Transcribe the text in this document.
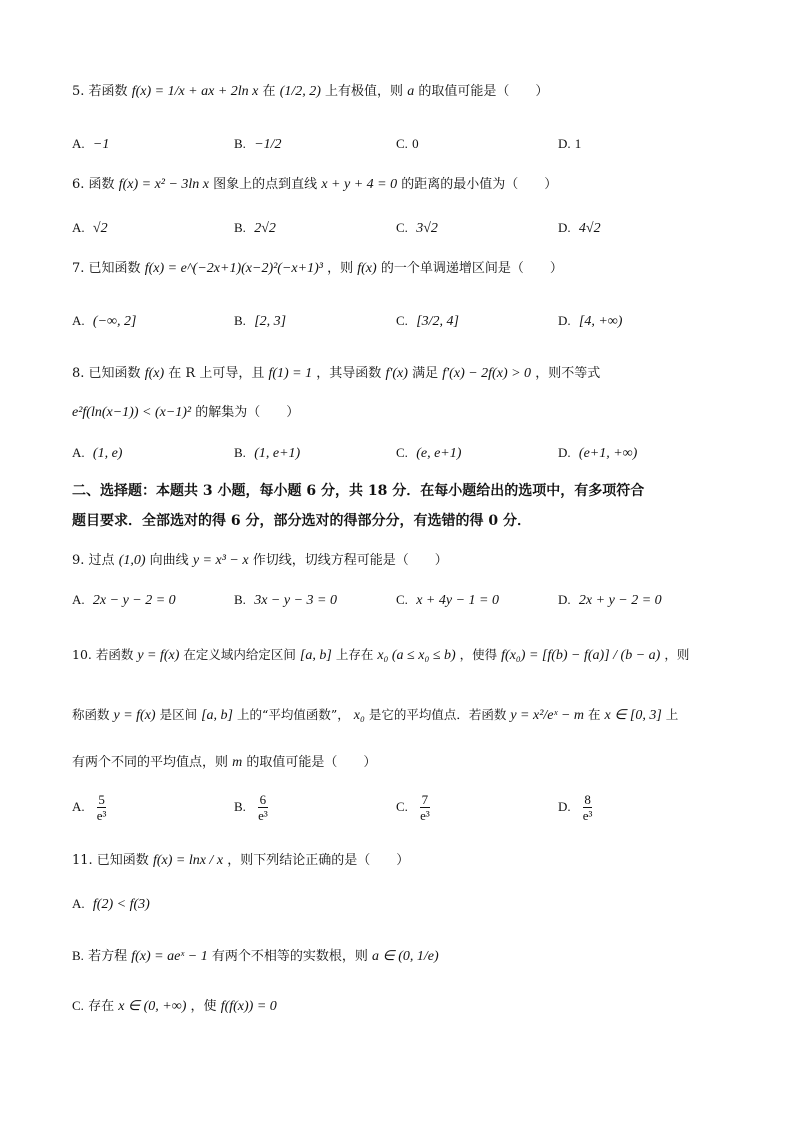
5. 若函数 f(x) = 1/x + ax + 2ln x 在 (1/2, 2) 上有极值，则 a 的取值可能是（　　）
A. −1	B. −1/2	C. 0	D. 1
6. 函数 f(x) = x² − 3ln x 图象上的点到直线 x + y + 4 = 0 的距离的最小值为（　　）
A. √2	B. 2√2	C. 3√2	D. 4√2
7. 已知函数 f(x) = e^(−2x+1)(x−2)²(−x+1)³ ，则 f(x) 的一个单调递增区间是（　　）
A. (−∞, 2]	B. [2, 3]	C. [3/2, 4]	D. [4, +∞)
8. 已知函数 f(x) 在 R 上可导，且 f(1) = 1 ，其导函数 f′(x) 满足 f′(x) − 2f(x) > 0 ，则不等式
e²f(ln(x−1)) < (x−1)² 的解集为（　　）
A. (1, e)	B. (1, e+1)	C. (e, e+1)	D. (e+1, +∞)
二、选择题：本题共 3 小题，每小题 6 分，共 18 分．在每小题给出的选项中，有多项符合
题目要求．全部选对的得 6 分，部分选对的得部分分，有选错的得 0 分．
9. 过点 (1,0) 向曲线 y = x³ − x 作切线，切线方程可能是（　　）
A. 2x − y − 2 = 0	B. 3x − y − 3 = 0	C. x + 4y − 1 = 0	D. 2x + y − 2 = 0
10. 若函数 y = f(x) 在定义域内给定区间 [a, b] 上存在 x₀ (a ≤ x₀ ≤ b) ，使得 f(x₀) = [f(b) − f(a)] / (b − a) ，则
称函数 y = f(x) 是区间 [a, b] 上的“平均值函数”， x₀ 是它的平均值点．若函数 y = x²/eˣ − m 在 x ∈ [0, 3] 上
有两个不同的平均值点，则 m 的取值可能是（　　）
A. $\frac{5}{\text{e³}}$	B. $\frac{6}{\text{e³}}$	C. $\frac{7}{\text{e³}}$	D. $\frac{8}{\text{e³}}$
11. 已知函数 f(x) = lnx / x ，则下列结论正确的是（　　）
A. f(2) < f(3)
B. 若方程 f(x) = aeˣ − 1 有两个不相等的实数根，则 a ∈ (0, 1/e)
C. 存在 x ∈ (0, +∞) ，使 f(f(x)) = 0
